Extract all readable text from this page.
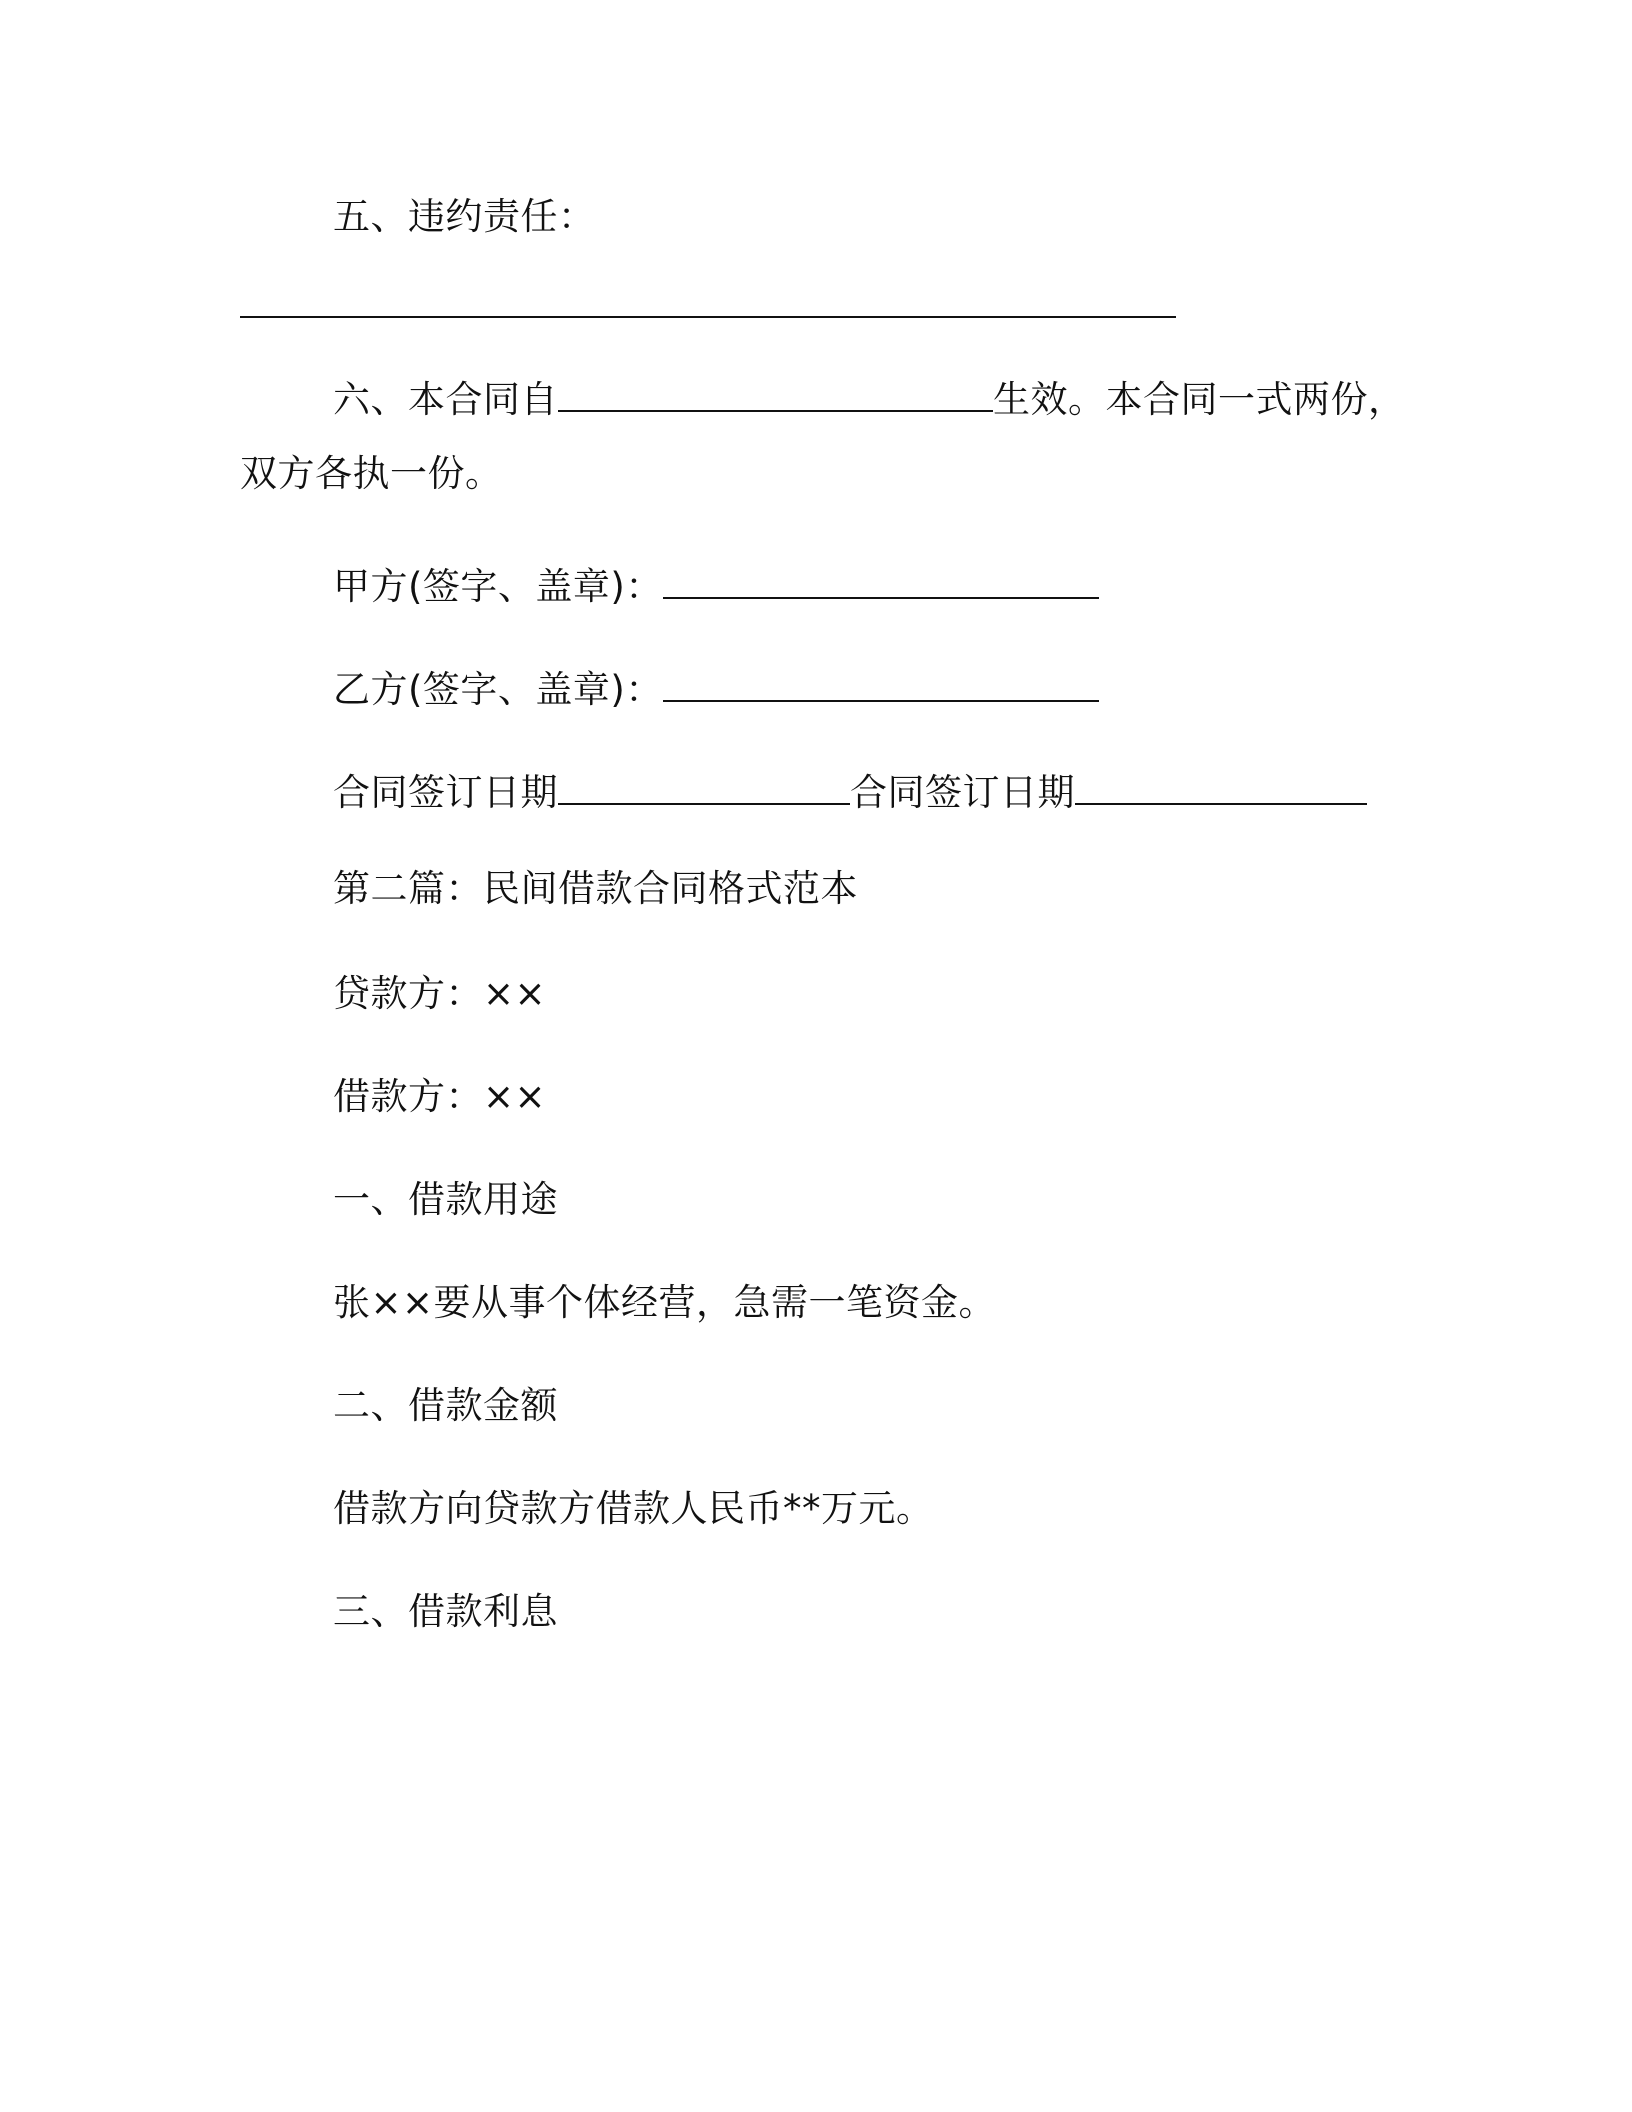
五、违约责任：
六、本合同自	生效。本合同一式两份，
双方各执一份。
甲方(签字、盖章)：
乙方(签字、盖章)：
合同签订日期	合同签订日期
第二篇：民间借款合同格式范本
贷款方：××
借款方：××
一、借款用途
张××要从事个体经营，急需一笔资金。
二、借款金额
借款方向贷款方借款人民币**万元。
三、借款利息
